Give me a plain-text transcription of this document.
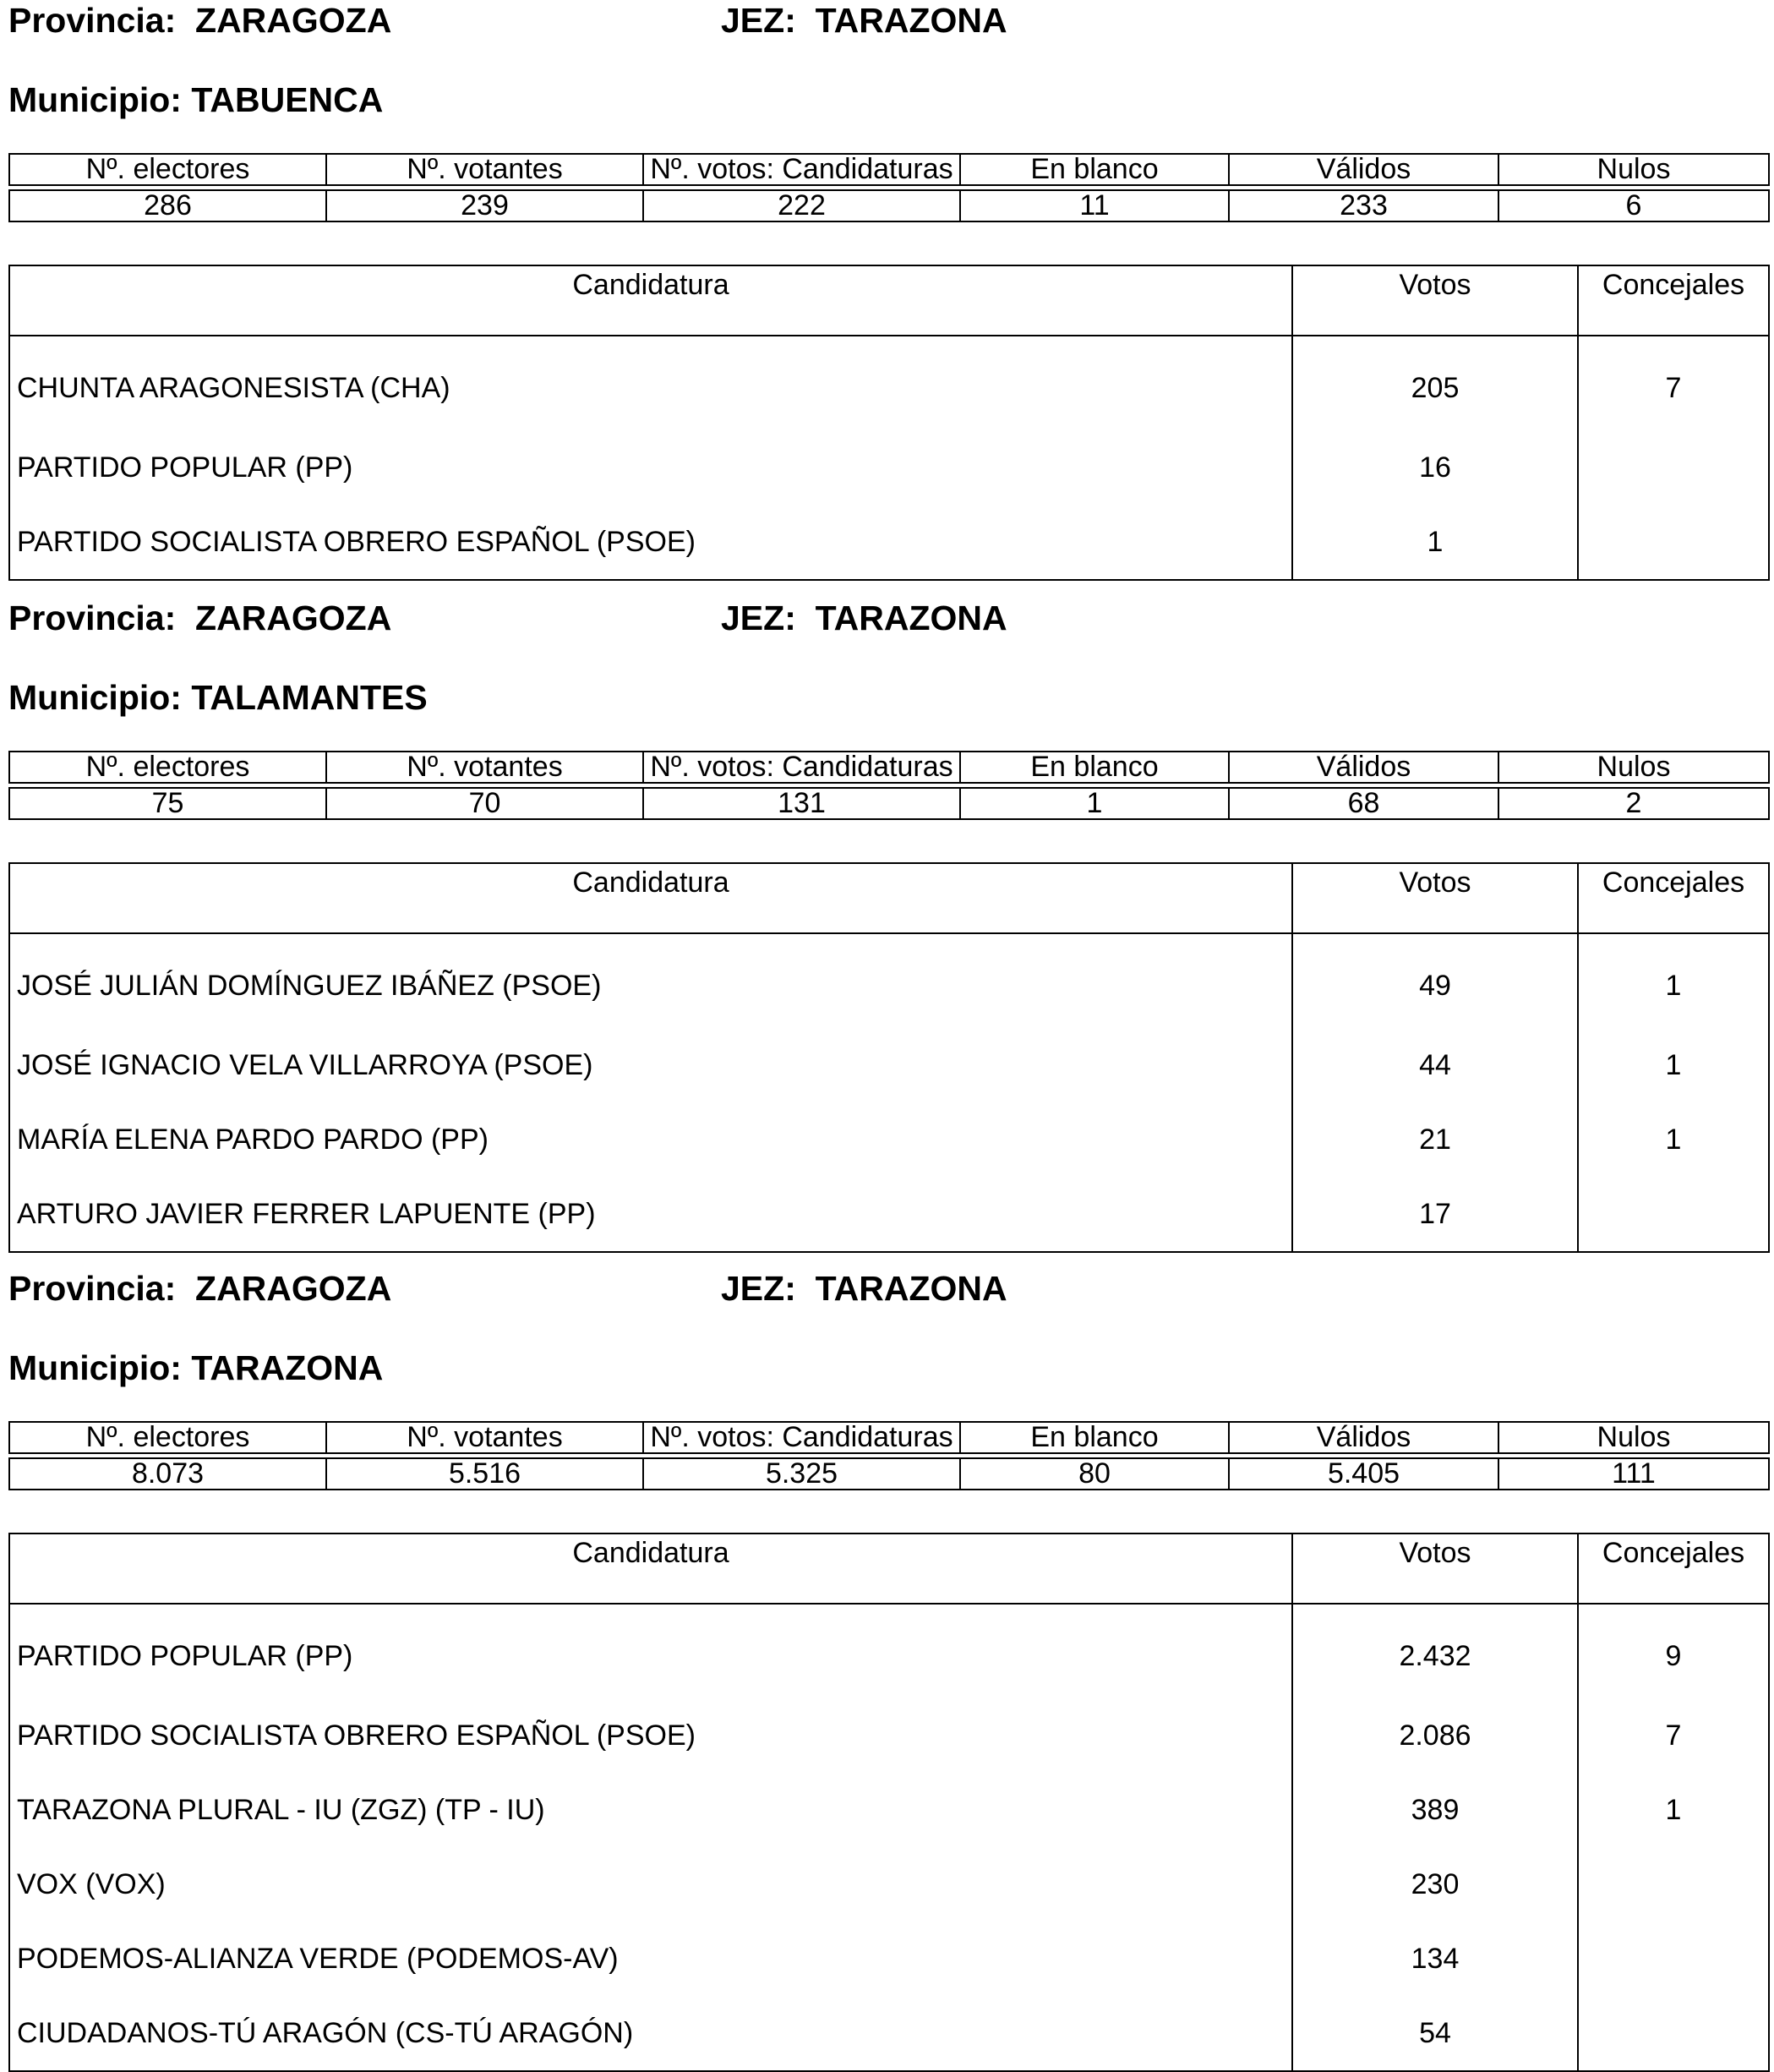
Provincia: ZARAGOZA	JEZ: TARAZONA
Municipio: TABUENCA
Nº. electores	Nº. votantes	Nº. votos: Candidaturas	En blanco	Válidos	Nulos

286	239	222	11	233	6
Candidatura	Votos	Concejales
CHUNTA ARAGONESISTA (CHA)	205	7
PARTIDO POPULAR (PP)	16	
PARTIDO SOCIALISTA OBRERO ESPAÑOL (PSOE)	1	
Provincia: ZARAGOZA	JEZ: TARAZONA
Municipio: TALAMANTES
Nº. electores	Nº. votantes	Nº. votos: Candidaturas	En blanco	Válidos	Nulos

75	70	131	1	68	2
Candidatura	Votos	Concejales
JOSÉ JULIÁN DOMÍNGUEZ IBÁÑEZ (PSOE)	49	1
JOSÉ IGNACIO VELA VILLARROYA (PSOE)	44	1
MARÍA ELENA PARDO PARDO (PP)	21	1
ARTURO JAVIER FERRER LAPUENTE (PP)	17	
Provincia: ZARAGOZA	JEZ: TARAZONA
Municipio: TARAZONA
Nº. electores	Nº. votantes	Nº. votos: Candidaturas	En blanco	Válidos	Nulos

8.073	5.516	5.325	80	5.405	111
Candidatura	Votos	Concejales
PARTIDO POPULAR (PP)	2.432	9
PARTIDO SOCIALISTA OBRERO ESPAÑOL (PSOE)	2.086	7
TARAZONA PLURAL - IU (ZGZ) (TP - IU)	389	1
VOX (VOX)	230	
PODEMOS-ALIANZA VERDE (PODEMOS-AV)	134	
CIUDADANOS-TÚ ARAGÓN (CS-TÚ ARAGÓN)	54	
